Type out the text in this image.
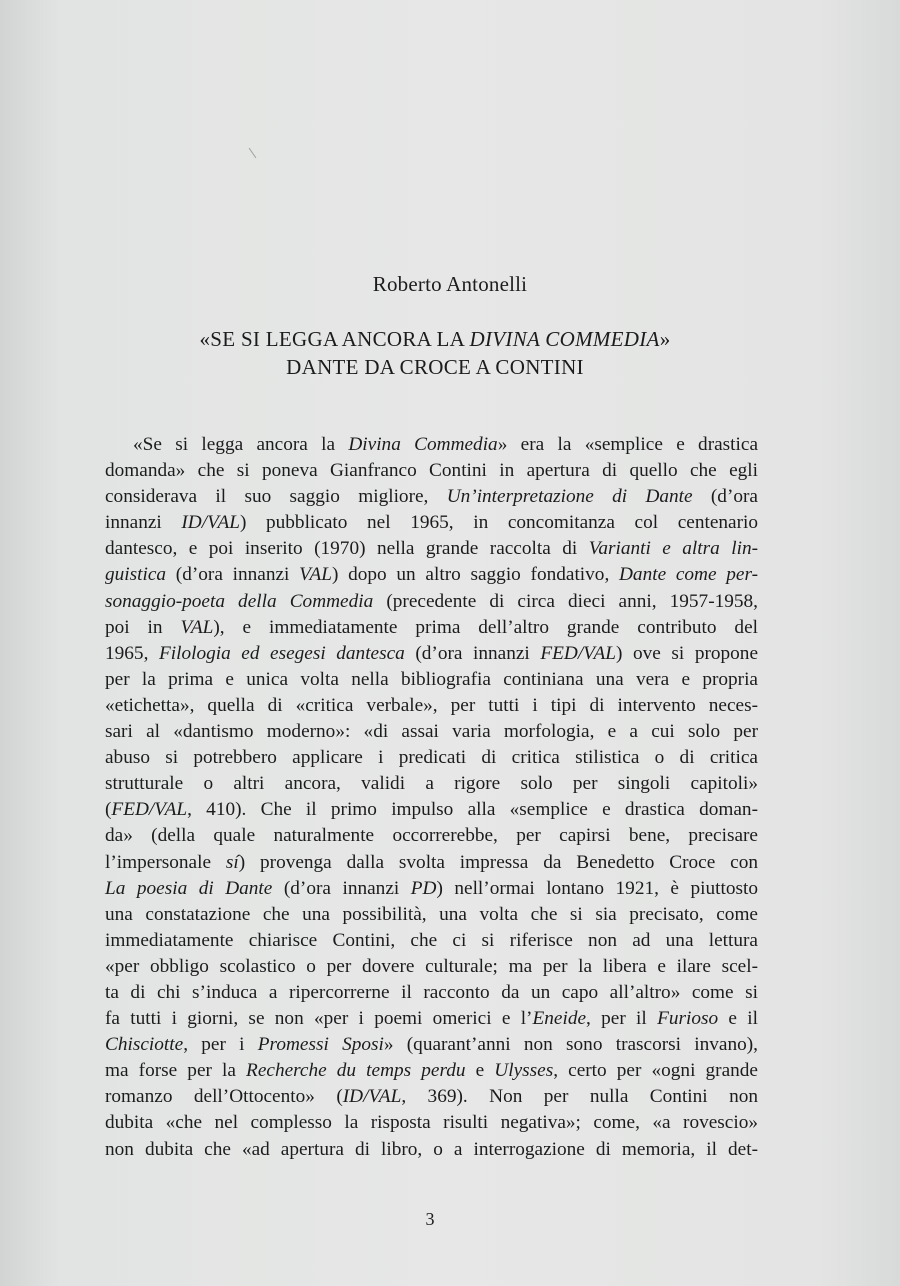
Roberto Antonelli
«SE SI LEGGA ANCORA LA DIVINA COMMEDIA»
DANTE DA CROCE A CONTINI
«Se si legga ancora la Divina Commedia» era la «semplice e drastica
domanda» che si poneva Gianfranco Contini in apertura di quello che egli
considerava il suo saggio migliore, Un’interpretazione di Dante (d’ora
innanzi ID/VAL) pubblicato nel 1965, in concomitanza col centenario
dantesco, e poi inserito (1970) nella grande raccolta di Varianti e altra lin-
guistica (d’ora innanzi VAL) dopo un altro saggio fondativo, Dante come per-
sonaggio-poeta della Commedia (precedente di circa dieci anni, 1957-1958,
poi in VAL), e immediatamente prima dell’altro grande contributo del
1965, Filologia ed esegesi dantesca (d’ora innanzi FED/VAL) ove si propone
per la prima e unica volta nella bibliografia continiana una vera e propria
«etichetta», quella di «critica verbale», per tutti i tipi di intervento neces-
sari al «dantismo moderno»: «di assai varia morfologia, e a cui solo per
abuso si potrebbero applicare i predicati di critica stilistica o di critica
strutturale o altri ancora, validi a rigore solo per singoli capitoli»
(FED/VAL, 410). Che il primo impulso alla «semplice e drastica doman-
da» (della quale naturalmente occorrerebbe, per capirsi bene, precisare
l’impersonale sí) provenga dalla svolta impressa da Benedetto Croce con
La poesia di Dante (d’ora innanzi PD) nell’ormai lontano 1921, è piuttosto
una constatazione che una possibilità, una volta che si sia precisato, come
immediatamente chiarisce Contini, che ci si riferisce non ad una lettura
«per obbligo scolastico o per dovere culturale; ma per la libera e ilare scel-
ta di chi s’induca a ripercorrerne il racconto da un capo all’altro» come si
fa tutti i giorni, se non «per i poemi omerici e l’Eneide, per il Furioso e il
Chisciotte, per i Promessi Sposi» (quarant’anni non sono trascorsi invano),
ma forse per la Recherche du temps perdu e Ulysses, certo per «ogni grande
romanzo dell’Ottocento» (ID/VAL, 369). Non per nulla Contini non
dubita «che nel complesso la risposta risulti negativa»; come, «a rovescio»
non dubita che «ad apertura di libro, o a interrogazione di memoria, il det-
3
